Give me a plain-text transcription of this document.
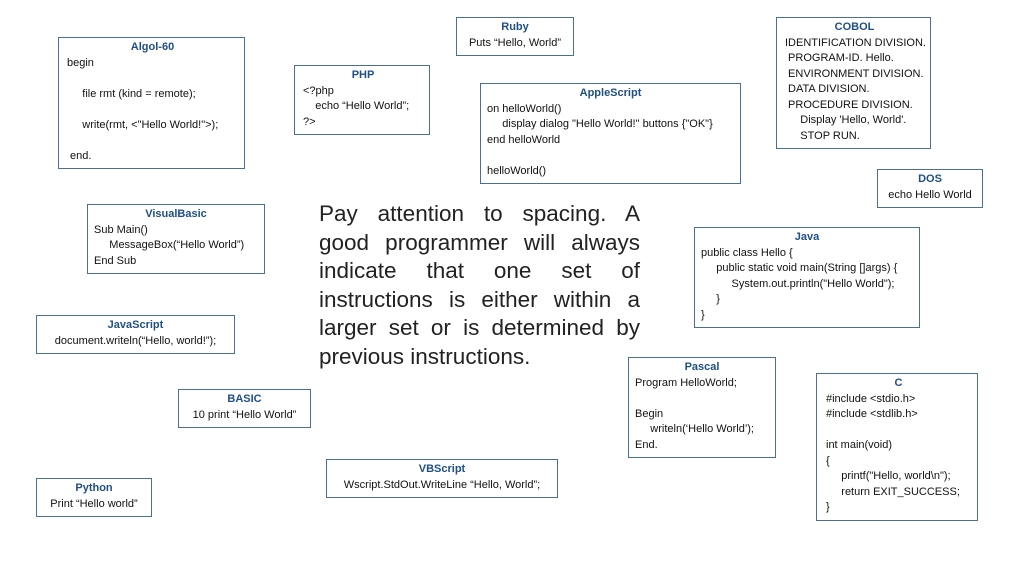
Pay attention to spacing. A good programmer will always indicate that one set of instructions is either within a larger set or is determined by previous instructions.
Ruby
Puts “Hello, World”
COBOL
IDENTIFICATION DIVISION.
PROGRAM-ID. Hello.
ENVIRONMENT DIVISION.
DATA DIVISION.
PROCEDURE DIVISION.
Display 'Hello, World'.
STOP RUN.
Algol-60
begin
file rmt (kind = remote);
write(rmt, <"Hello World!">);
end.
PHP
<?php
echo “Hello World”;
?>
AppleScript
on helloWorld()
display dialog "Hello World!" buttons {"OK"}
end helloWorld
helloWorld()
DOS
echo Hello World
VisualBasic
Sub Main()
MessageBox(“Hello World”)
End Sub
Java
public class Hello {
public static void main(String []args) {
System.out.println("Hello World");
}
}
JavaScript
document.writeln(“Hello, world!”);
Pascal
Program HelloWorld;
Begin
writeln(‘Hello World’);
End.
C
#include <stdio.h>
#include <stdlib.h>
int main(void)
{
printf("Hello, world\n");
return EXIT_SUCCESS;
}
BASIC
10 print “Hello World”
VBScript
Wscript.StdOut.WriteLine “Hello, World”;
Python
Print “Hello world”
